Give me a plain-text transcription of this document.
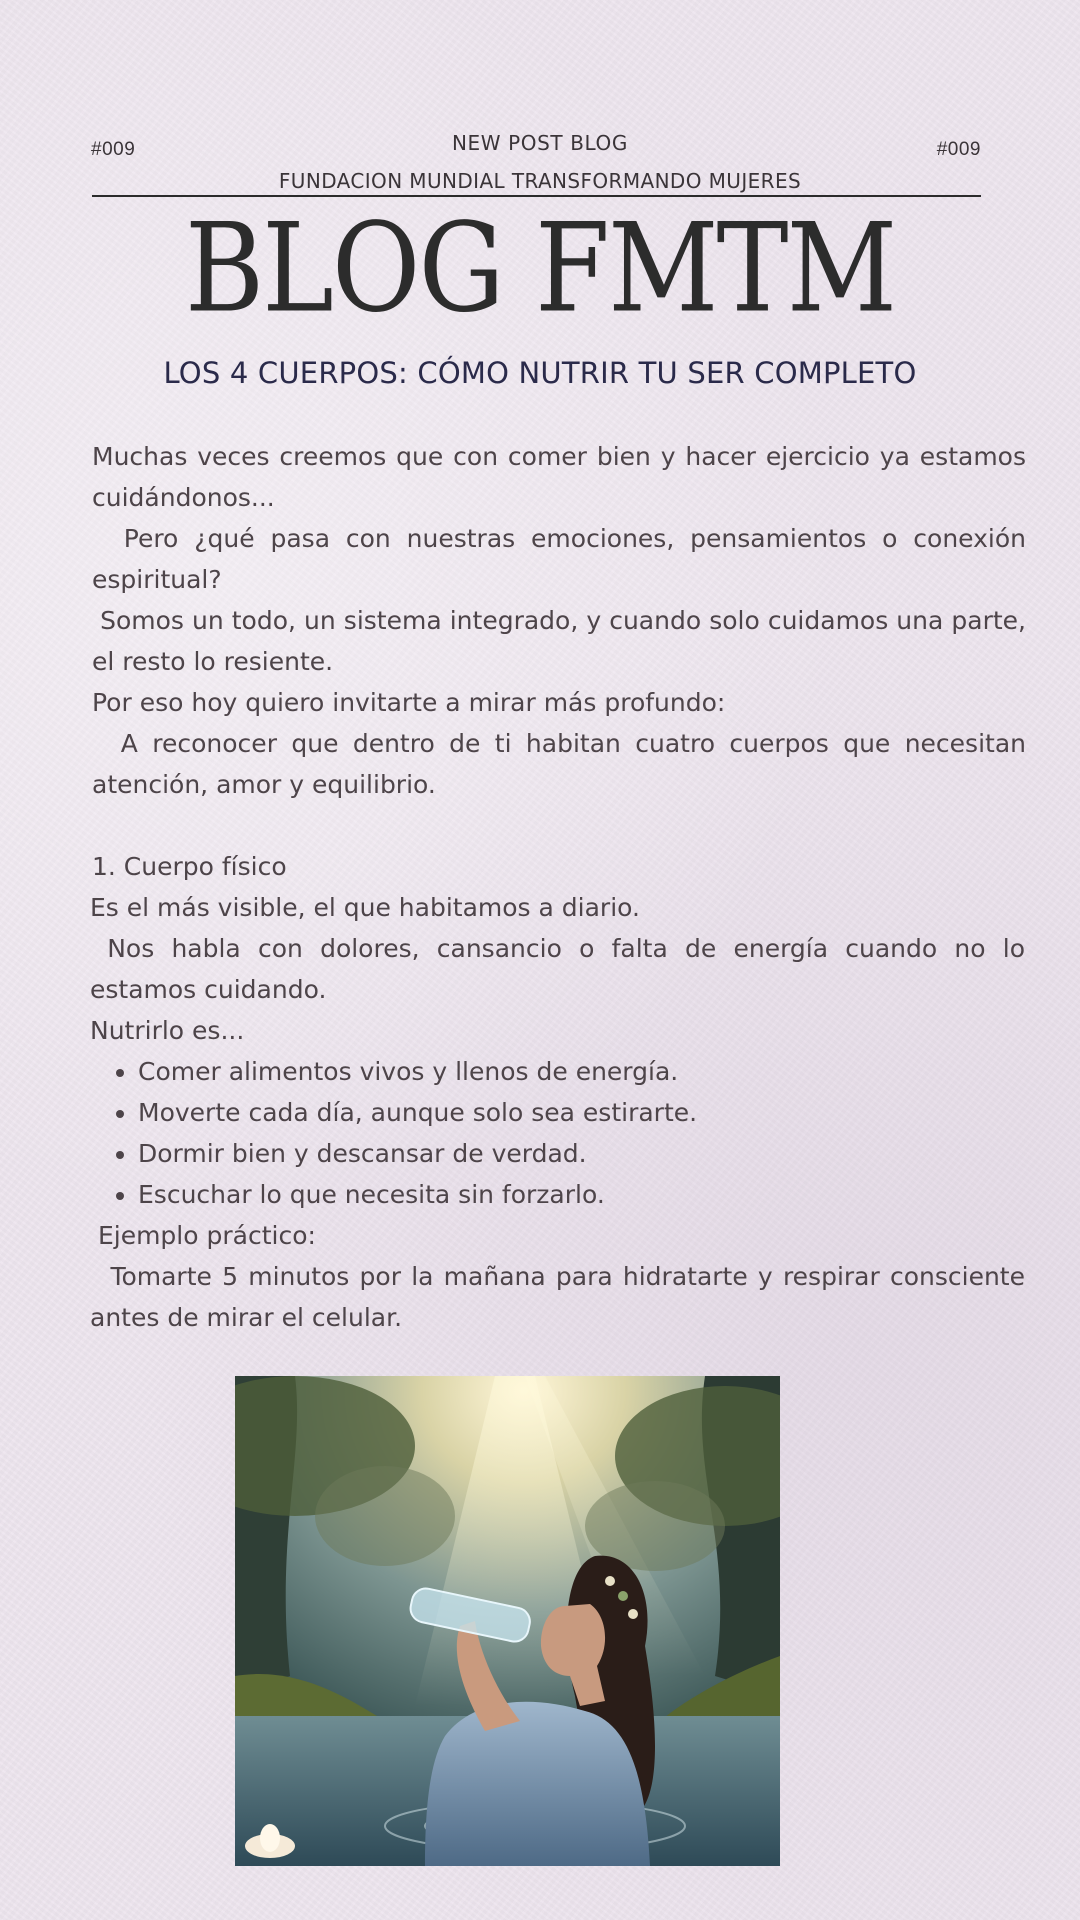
#009	#009
NEW POST BLOG
FUNDACION MUNDIAL TRANSFORMANDO MUJERES
BLOG FMTM
LOS 4 CUERPOS: CÓMO NUTRIR TU SER COMPLETO

Muchas veces creemos que con comer bien y hacer ejercicio ya estamos cuidándonos...

Pero ¿qué pasa con nuestras emociones, pensamientos o conexión espiritual?

Somos un todo, un sistema integrado, y cuando solo cuidamos una parte, el resto lo resiente.

Por eso hoy quiero invitarte a mirar más profundo:

A reconocer que dentro de ti habitan cuatro cuerpos que necesitan atención, amor y equilibrio.

1. Cuerpo físico

Es el más visible, el que habitamos a diario.

Nos habla con dolores, cansancio o falta de energía cuando no lo estamos cuidando.

Nutrirlo es...

• Comer alimentos vivos y llenos de energía.
• Moverte cada día, aunque solo sea estirarte.
• Dormir bien y descansar de verdad.
• Escuchar lo que necesita sin forzarlo.

Ejemplo práctico:

Tomarte 5 minutos por la mañana para hidratarte y respirar consciente antes de mirar el celular.
